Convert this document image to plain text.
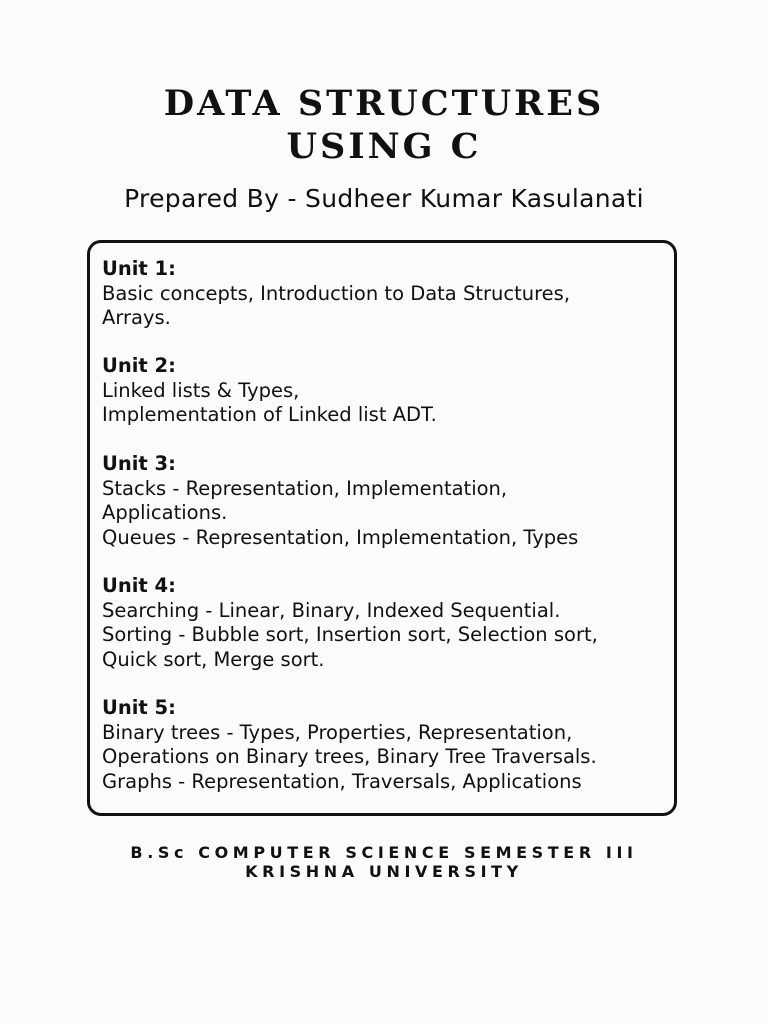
DATA STRUCTURES
USING C
Prepared By - Sudheer Kumar Kasulanati
Unit 1:
Basic concepts, Introduction to Data Structures,
Arrays.
Unit 2:
Linked lists & Types,
Implementation of Linked list ADT.
Unit 3:
Stacks - Representation, Implementation,
Applications.
Queues - Representation, Implementation, Types
Unit 4:
Searching - Linear, Binary, Indexed Sequential.
Sorting - Bubble sort, Insertion sort, Selection sort,
Quick sort, Merge sort.
Unit 5:
Binary trees - Types, Properties, Representation,
Operations on Binary trees, Binary Tree Traversals.
Graphs - Representation, Traversals, Applications
B.Sc COMPUTER SCIENCE SEMESTER III
KRISHNA UNIVERSITY
